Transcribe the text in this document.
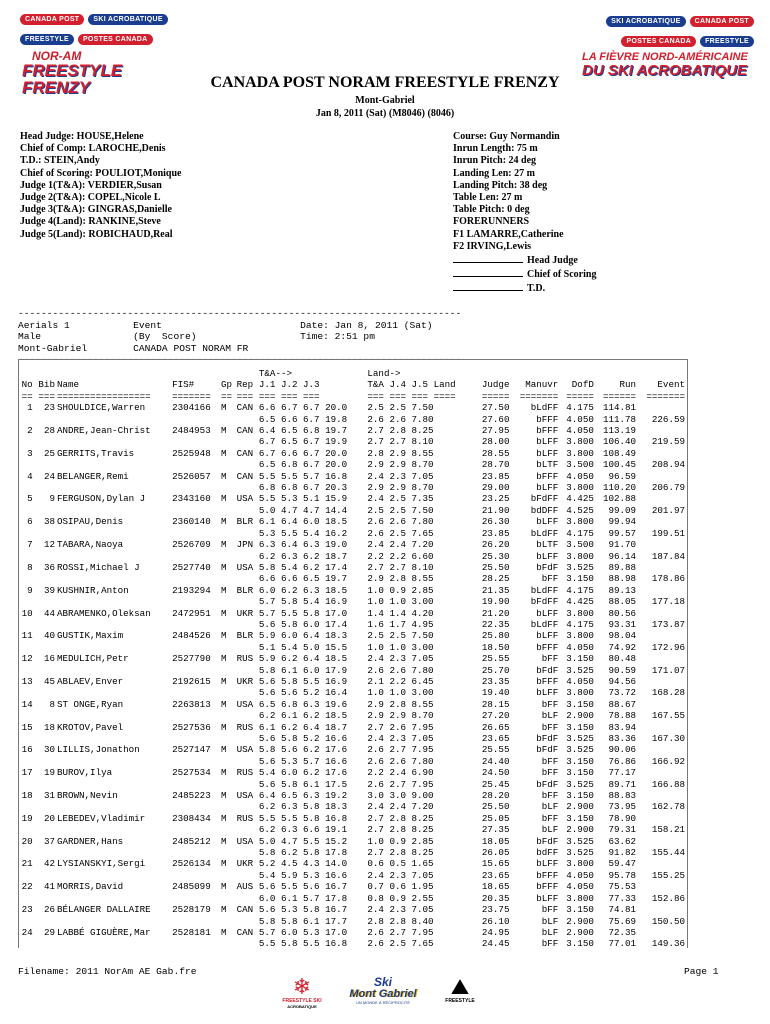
CANADA POST SKI ACROBATIQUE
FREESTYLE POSTES CANADA
NOR-AM
FREESTYLE FRENZY
SKI ACROBATIQUE CANADA POST
POSTES CANADA FREESTYLE
LA FIÈVRE NORD-AMÉRICAINE
DU SKI ACROBATIQUE
CANADA POST NORAM FREESTYLE FRENZY
Mont-Gabriel
Jan 8, 2011 (Sat) (M8046) (8046)
Head Judge: HOUSE,Helene
Chief of Comp: LAROCHE,Denis
T.D.: STEIN,Andy
Chief of Scoring: POULIOT,Monique
Judge 1(T&A): VERDIER,Susan
Judge 2(T&A): COPEL,Nicole L
Judge 3(T&A): GINGRAS,Danielle
Judge 4(Land): RANKINE,Steve
Judge 5(Land): ROBICHAUD,Real
Course: Guy Normandin
Inrun Length: 75 m
Inrun Pitch: 24 deg
Landing Len: 27 m
Landing Pitch: 38 deg
Table Len: 27 m
Table Pitch: 0 deg
FORERUNNERS
F1 LAMARRE,Catherine
F2 IRVING,Lewis
Head Judge
Chief of Scoring
T.D.
-----------------------------------------------------------------------------
Aerials 1           Event                        Date: Jan 8, 2011 (Sat)
Male                (By  Score)                  Time: 2:51 pm
Mont-Gabriel        CANADA POST NORAM FR
-----------------------------------------------------------------------------
						T&A-->	Land->					
No	Bib	Name	FIS#	Gp	Rep	J.1 J.2 J.3	T&A J.4 J.5 Land	Judge	Manuvr	DofD	Run	Event
==	===	=================	=======	==	===	=== === ===	=== === === ====	=====	=======	=====	======	=======
1	23	SHOULDICE,Warren	2304166	M	CAN	6.6 6.7 6.7 20.0	2.5 2.5 7.50	27.50	bLdFF	4.175	114.81	
						6.5 6.6 6.7 19.8	2.6 2.6 7.80	27.60	bFFF	4.050	111.78	226.59
2	28	ANDRE,Jean-Christ	2484953	M	CAN	6.4 6.5 6.8 19.7	2.7 2.8 8.25	27.95	bFFF	4.050	113.19	
						6.7 6.5 6.7 19.9	2.7 2.7 8.10	28.00	bLFF	3.800	106.40	219.59
3	25	GERRITS,Travis	2525948	M	CAN	6.7 6.6 6.7 20.0	2.8 2.9 8.55	28.55	bLFF	3.800	108.49	
						6.5 6.8 6.7 20.0	2.9 2.9 8.70	28.70	bLTF	3.500	100.45	208.94
4	24	BELANGER,Remi	2526057	M	CAN	5.5 5.5 5.7 16.8	2.4 2.3 7.05	23.85	bFFF	4.050	96.59	
						6.8 6.8 6.7 20.3	2.9 2.9 8.70	29.00	bLFF	3.800	110.20	206.79
5	9	FERGUSON,Dylan J	2343160	M	USA	5.5 5.3 5.1 15.9	2.4 2.5 7.35	23.25	bFdFF	4.425	102.88	
						5.0 4.7 4.7 14.4	2.5 2.5 7.50	21.90	bdDFF	4.525	99.09	201.97
6	38	OSIPAU,Denis	2360140	M	BLR	6.1 6.4 6.0 18.5	2.6 2.6 7.80	26.30	bLFF	3.800	99.94	
						5.3 5.5 5.4 16.2	2.6 2.5 7.65	23.85	bLdFF	4.175	99.57	199.51
7	12	TABARA,Naoya	2526709	M	JPN	6.3 6.4 6.3 19.0	2.4 2.4 7.20	26.20	bLTF	3.500	91.70	
						6.2 6.3 6.2 18.7	2.2 2.2 6.60	25.30	bLFF	3.800	96.14	187.84
8	36	ROSSI,Michael J	2527740	M	USA	5.8 5.4 6.2 17.4	2.7 2.7 8.10	25.50	bFdF	3.525	89.88	
						6.6 6.6 6.5 19.7	2.9 2.8 8.55	28.25	bFF	3.150	88.98	178.86
9	39	KUSHNIR,Anton	2193294	M	BLR	6.0 6.2 6.3 18.5	1.0 0.9 2.85	21.35	bLdFF	4.175	89.13	
						5.7 5.8 5.4 16.9	1.0 1.0 3.00	19.90	bFdFF	4.425	88.05	177.18
10	44	ABRAMENKO,Oleksan	2472951	M	UKR	5.7 5.5 5.8 17.0	1.4 1.4 4.20	21.20	bLFF	3.800	80.56	
						5.6 5.8 6.0 17.4	1.6 1.7 4.95	22.35	bLdFF	4.175	93.31	173.87
11	40	GUSTIK,Maxim	2484526	M	BLR	5.9 6.0 6.4 18.3	2.5 2.5 7.50	25.80	bLFF	3.800	98.04	
						5.1 5.4 5.0 15.5	1.0 1.0 3.00	18.50	bFFF	4.050	74.92	172.96
12	16	MEDULICH,Petr	2527790	M	RUS	5.9 6.2 6.4 18.5	2.4 2.3 7.05	25.55	bFF	3.150	80.48	
						5.8 6.1 6.0 17.9	2.6 2.6 7.80	25.70	bFdF	3.525	90.59	171.07
13	45	ABLAEV,Enver	2192615	M	UKR	5.6 5.8 5.5 16.9	2.1 2.2 6.45	23.35	bFFF	4.050	94.56	
						5.6 5.6 5.2 16.4	1.0 1.0 3.00	19.40	bLFF	3.800	73.72	168.28
14	8	ST ONGE,Ryan	2263813	M	USA	6.5 6.8 6.3 19.6	2.9 2.8 8.55	28.15	bFF	3.150	88.67	
						6.2 6.1 6.2 18.5	2.9 2.9 8.70	27.20	bLF	2.900	78.88	167.55
15	18	KROTOV,Pavel	2527536	M	RUS	6.1 6.2 6.4 18.7	2.7 2.6 7.95	26.65	bFF	3.150	83.94	
						5.6 5.8 5.2 16.6	2.4 2.3 7.05	23.65	bFdF	3.525	83.36	167.30
16	30	LILLIS,Jonathon	2527147	M	USA	5.8 5.6 6.2 17.6	2.6 2.7 7.95	25.55	bFdF	3.525	90.06	
						5.6 5.3 5.7 16.6	2.6 2.6 7.80	24.40	bFF	3.150	76.86	166.92
17	19	BUROV,Ilya	2527534	M	RUS	5.4 6.0 6.2 17.6	2.2 2.4 6.90	24.50	bFF	3.150	77.17	
						5.6 5.8 6.1 17.5	2.6 2.7 7.95	25.45	bFdF	3.525	89.71	166.88
18	31	BROWN,Nevin	2485223	M	USA	6.4 6.5 6.3 19.2	3.0 3.0 9.00	28.20	bFF	3.150	88.83	
						6.2 6.3 5.8 18.3	2.4 2.4 7.20	25.50	bLF	2.900	73.95	162.78
19	20	LEBEDEV,Vladimir	2308434	M	RUS	5.5 5.5 5.8 16.8	2.7 2.8 8.25	25.05	bFF	3.150	78.90	
						6.2 6.3 6.6 19.1	2.7 2.8 8.25	27.35	bLF	2.900	79.31	158.21
20	37	GARDNER,Hans	2485212	M	USA	5.0 4.7 5.5 15.2	1.0 0.9 2.85	18.05	bFdF	3.525	63.62	
						5.8 6.2 5.8 17.8	2.7 2.8 8.25	26.05	bdFF	3.525	91.82	155.44
21	42	LYSIANSKYI,Sergi	2526134	M	UKR	5.2 4.5 4.3 14.0	0.6 0.5 1.65	15.65	bLFF	3.800	59.47	
						5.4 5.9 5.3 16.6	2.4 2.3 7.05	23.65	bFFF	4.050	95.78	155.25
22	41	MORRIS,David	2485099	M	AUS	5.6 5.5 5.6 16.7	0.7 0.6 1.95	18.65	bFFF	4.050	75.53	
						6.0 6.1 5.7 17.8	0.8 0.9 2.55	20.35	bLFF	3.800	77.33	152.86
23	26	BÉLANGER DALLAIRE	2528179	M	CAN	5.6 5.3 5.8 16.7	2.4 2.3 7.05	23.75	bFF	3.150	74.81	
						5.8 5.8 6.1 17.7	2.8 2.8 8.40	26.10	bLF	2.900	75.69	150.50
24	29	LABBÉ GIGUÈRE,Mar	2528181	M	CAN	5.7 6.0 5.3 17.0	2.6 2.7 7.95	24.95	bLF	2.900	72.35	
						5.5 5.8 5.5 16.8	2.6 2.5 7.65	24.45	bFF	3.150	77.01	149.36
Filename: 2011 NorAm AE Gab.fre	Page 1
❄
FREESTYLE SKI
ACROBATIQUE
Ski
Mont Gabriel
UN MONDE À RÉCIPROCITÉ
⛰
FREESTYLE
